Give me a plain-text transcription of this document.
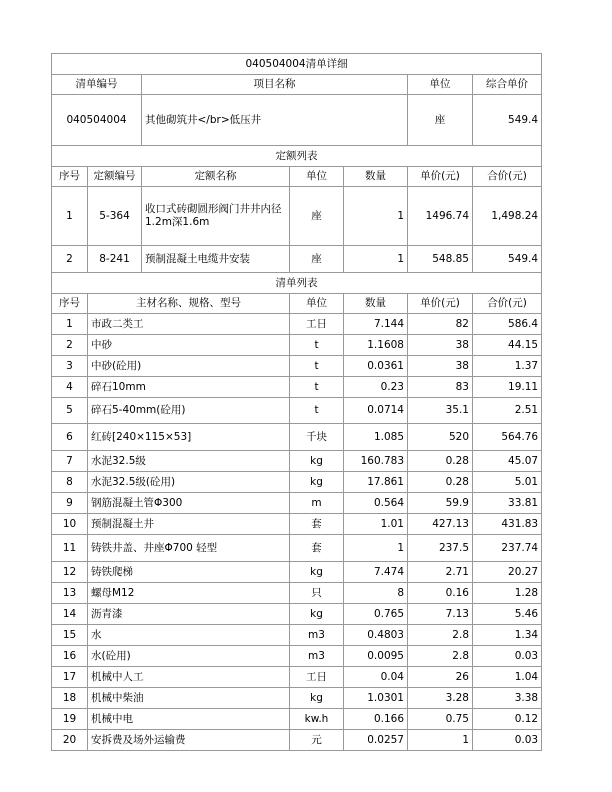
040504004清单详细						
清单编号		项目名称			单位	综合单价
040504004		其他砌筑井</br>低压井			座	549.4
定额列表						
序号	定额编号	定额名称	单位	数量	单价(元)	合价(元)
1	5-364	收口式砖砌圆形阀门井井内径1.2m深1.6m	座	1	1496.74	1,498.24
2	8-241	预制混凝土电缆井安装	座	1	548.85	549.4
清单列表						
序号	主材名称、规格、型号		单位	数量	单价(元)	合价(元)
1	市政二类工		工日	7.144	82	586.4
2	中砂		t	1.1608	38	44.15
3	中砂(砼用)		t	0.0361	38	1.37
4	碎石10mm		t	0.23	83	19.11
5	碎石5-40mm(砼用)		t	0.0714	35.1	2.51
6	红砖[240×115×53]		千块	1.085	520	564.76
7	水泥32.5级		kg	160.783	0.28	45.07
8	水泥32.5级(砼用)		kg	17.861	0.28	5.01
9	钢筋混凝土管Φ300		m	0.564	59.9	33.81
10	预制混凝土井		套	1.01	427.13	431.83
11	铸铁井盖、井座Φ700 轻型		套	1	237.5	237.74
12	铸铁爬梯		kg	7.474	2.71	20.27
13	螺母M12		只	8	0.16	1.28
14	沥青漆		kg	0.765	7.13	5.46
15	水		m3	0.4803	2.8	1.34
16	水(砼用)		m3	0.0095	2.8	0.03
17	机械中人工		工日	0.04	26	1.04
18	机械中柴油		kg	1.0301	3.28	3.38
19	机械中电		kw.h	0.166	0.75	0.12
20	安拆费及场外运输费		元	0.0257	1	0.03
